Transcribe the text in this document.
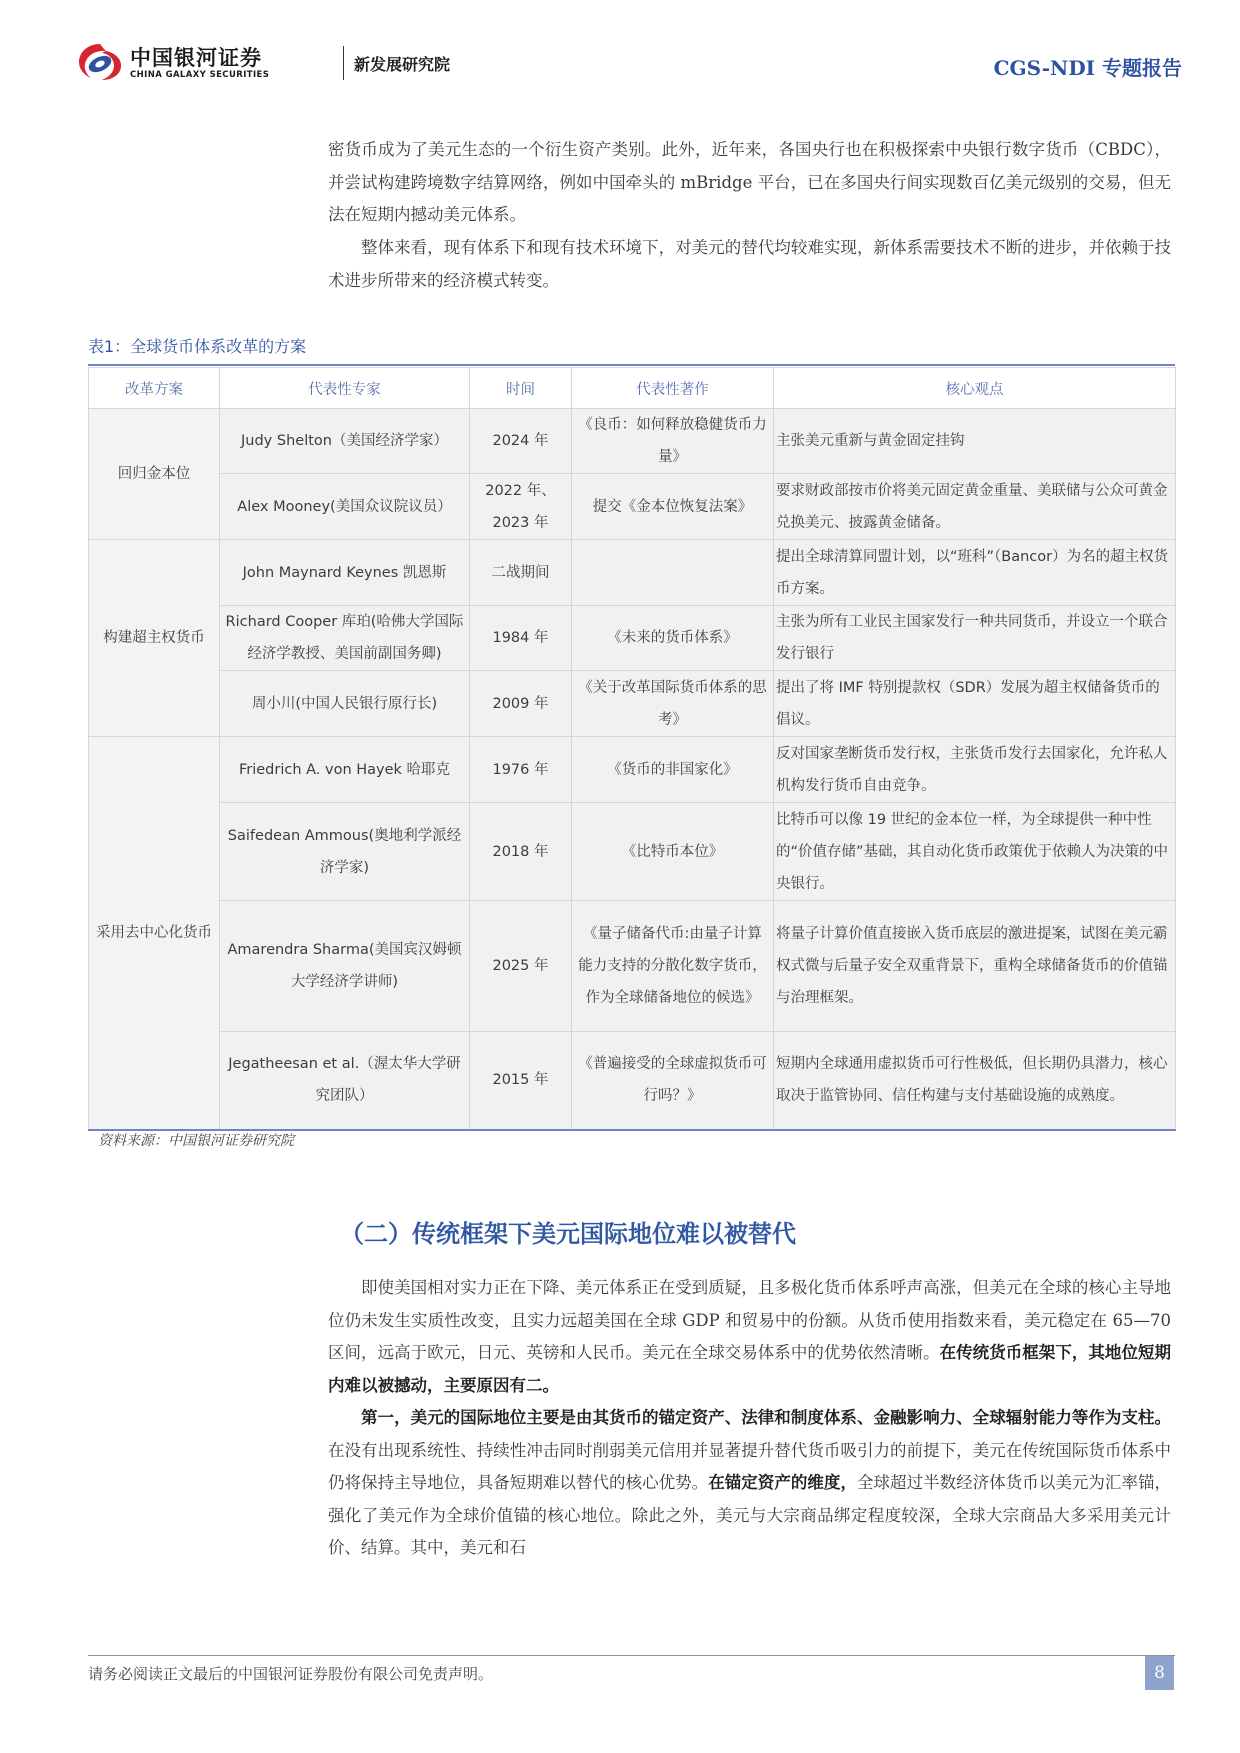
中国银河证券
CHINA GALAXY SECURITIES
新发展研究院	CGS-NDI 专题报告

密货币成为了美元生态的一个衍生资产类别。此外，近年来，各国央行也在积极探索中央银行数字货币（CBDC），并尝试构建跨境数字结算网络，例如中国牵头的 mBridge 平台，已在多国央行间实现数百亿美元级别的交易，但无法在短期内撼动美元体系。

整体来看，现有体系下和现有技术环境下，对美元的替代均较难实现，新体系需要技术不断的进步，并依赖于技术进步所带来的经济模式转变。

表1：全球货币体系改革的方案
改革方案	代表性专家	时间	代表性著作	核心观点
回归金本位	Judy Shelton（美国经济学家）	2024 年	《良币：如何释放稳健货币力量》	主张美元重新与黄金固定挂钩
	Alex Mooney(美国众议院议员）	2022 年、2023 年	提交《金本位恢复法案》	要求财政部按市价将美元固定黄金重量、美联储与公众可黄金兑换美元、披露黄金储备。
构建超主权货币	John Maynard Keynes 凯恩斯	二战期间		提出全球清算同盟计划，以“班科”（Bancor）为名的超主权货币方案。
	Richard Cooper 库珀(哈佛大学国际经济学教授、美国前副国务卿)	1984 年	《未来的货币体系》	主张为所有工业民主国家发行一种共同货币，并设立一个联合发行银行
	周小川(中国人民银行原行长)	2009 年	《关于改革国际货币体系的思考》	提出了将 IMF 特别提款权（SDR）发展为超主权储备货币的倡议。
采用去中心化货币	Friedrich A. von Hayek 哈耶克	1976 年	《货币的非国家化》	反对国家垄断货币发行权，主张货币发行去国家化，允许私人机构发行货币自由竞争。
	Saifedean Ammous(奥地利学派经济学家)	2018 年	《比特币本位》	比特币可以像 19 世纪的金本位一样，为全球提供一种中性的“价值存储”基础，其自动化货币政策优于依赖人为决策的中央银行。
	Amarendra Sharma(美国宾汉姆顿大学经济学讲师)	2025 年	《量子储备代币:由量子计算能力支持的分散化数字货币，作为全球储备地位的候选》	将量子计算价值直接嵌入货币底层的激进提案，试图在美元霸权式微与后量子安全双重背景下，重构全球储备货币的价值锚与治理框架。
	Jegatheesan et al.（渥太华大学研究团队）	2015 年	《普遍接受的全球虚拟货币可行吗？》	短期内全球通用虚拟货币可行性极低，但长期仍具潜力，核心取决于监管协同、信任构建与支付基础设施的成熟度。
资料来源：中国银河证券研究院
（二）传统框架下美元国际地位难以被替代

即使美国相对实力正在下降、美元体系正在受到质疑，且多极化货币体系呼声高涨，但美元在全球的核心主导地位仍未发生实质性改变，且实力远超美国在全球 GDP 和贸易中的份额。从货币使用指数来看，美元稳定在 65—70 区间，远高于欧元，日元、英镑和人民币。美元在全球交易体系中的优势依然清晰。在传统货币框架下，其地位短期内难以被撼动，主要原因有二。

第一，美元的国际地位主要是由其货币的锚定资产、法律和制度体系、金融影响力、全球辐射能力等作为支柱。在没有出现系统性、持续性冲击同时削弱美元信用并显著提升替代货币吸引力的前提下，美元在传统国际货币体系中仍将保持主导地位，具备短期难以替代的核心优势。在锚定资产的维度，全球超过半数经济体货币以美元为汇率锚，强化了美元作为全球价值锚的核心地位。除此之外，美元与大宗商品绑定程度较深，全球大宗商品大多采用美元计价、结算。其中，美元和石

请务必阅读正文最后的中国银河证券股份有限公司免责声明。	8
